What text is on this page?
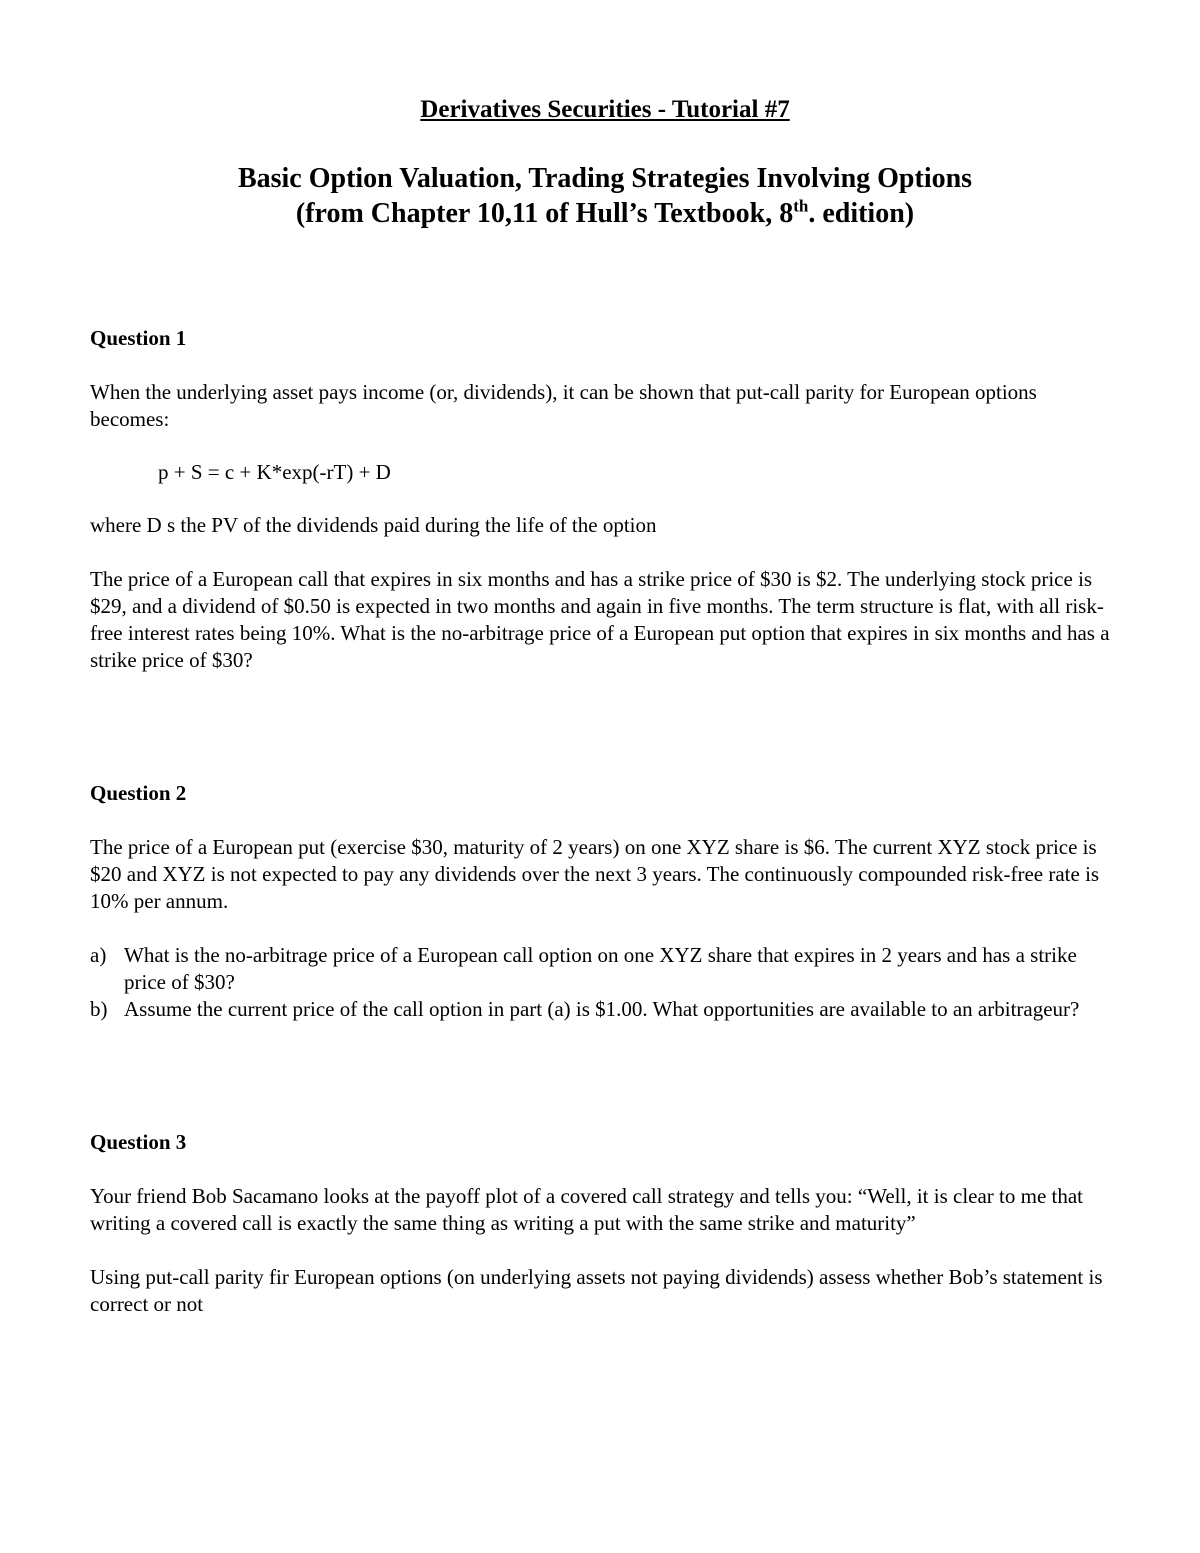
Derivatives Securities - Tutorial #7
Basic Option Valuation, Trading Strategies Involving Options
(from Chapter 10,11 of Hull’s Textbook, 8th. edition)

Question 1

When the underlying asset pays income (or, dividends), it can be shown that put-call parity for European options becomes:

p + S = c + K*exp(-rT) + D

where D s the PV of the dividends paid during the life of the option

The price of a European call that expires in six months and has a strike price of $30 is $2. The underlying stock price is $29, and a dividend of $0.50 is expected in two months and again in five months. The term structure is flat, with all risk-free interest rates being 10%. What is the no-arbitrage price of a European put option that expires in six months and has a strike price of $30?

Question 2

The price of a European put (exercise $30, maturity of 2 years) on one XYZ share is $6. The current XYZ stock price is $20 and XYZ is not expected to pay any dividends over the next 3 years. The continuously compounded risk-free rate is 10% per annum.

a) What is the no-arbitrage price of a European call option on one XYZ share that expires in 2 years and has a strike price of $30?
b) Assume the current price of the call option in part (a) is $1.00. What opportunities are available to an arbitrageur?

Question 3

Your friend Bob Sacamano looks at the payoff plot of a covered call strategy and tells you: “Well, it is clear to me that writing a covered call is exactly the same thing as writing a put with the same strike and maturity”

Using put-call parity fir European options (on underlying assets not paying dividends) assess whether Bob’s statement is correct or not
